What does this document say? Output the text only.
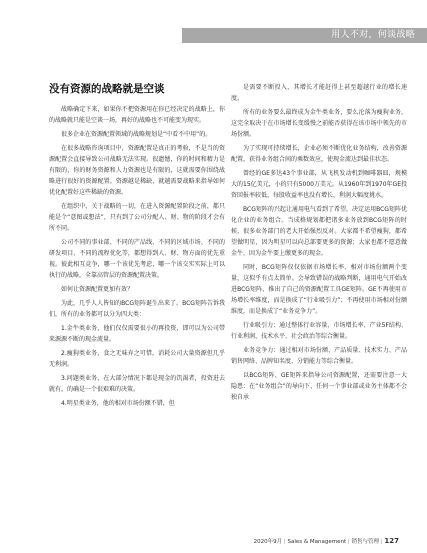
用人不对，何谈战略
没有资源的战略就是空谈

战略确定下来，如果你不把资源用在你已经决定的战略上，你的战略就只能是空谈一场，再好的战略也不可能变为现实。

很多企业在资源配置领域的战略规划是“中看不中用”的。

在很多战略咨询项目中，资源配置是真正的考验，不是当的资源配置会直接导致公司战略无法实现。很遗憾，你的时间和精力是有限的，你的财务资源和人力资源也是有限的，这就需要你围绕战略进行很好的资源配置。资源越是稀缺，就越需要战略来指导如何优化配置好这些稀缺的资源。

在组织中，关于战略的一切，在进入资源配置阶段之前，都只能是个“意图或想法”，只有到了公司分配人、财、物的阶段才会有所不同。

公司不同的事业部、不同的产品线、不同的区域市场、不同的研发项目、不同的流程优化等，都想得到人、财、物方面的优先重视。彼此相互竞争，哪一个该优先考虑，哪一个该交实实际上可以执行的战略，全靠高管层的资源配置决策。

如何让资源配置更加有效？

为此，几乎人人皆知的BCG矩阵诞生出来了。BCG矩阵告诉我们，所有的业务都可以分为四大类：

1.金牛类业务，他们仅仅需要很小的再投资，即可以为公司带来源源不断的现金流量。

2.瘦狗类业务，食之无味弃之可惜，消耗公司大量资源但几乎无利润。

3.问题类业务，在大部分情况下都是现金的饥渴者，投资进去就有，的确是一个很艰难的决策。

4.明星类业务，他的相对市场份额不错，但

是需要不断投入，其增长才能赶得上甚至超越行业的增长速度。

所有的业务要么最终成为金牛类业务，要么沦落为瘦狗业务，这完全取决于在市场增长变缓慢之前能否获得在该市场中领先的市场份额。

为了实现可持续增长，企业必须不断优化业务结构，改善资源配置，获得业务组合间的乘数效应，使现金流达到最佳状态。

曾经的GE多达43个事业部，从飞机发动机到咖啡器皿，规模大的15亿美元，小的只有5000万美元。从1960年到1970年GE投资回报率较低，每股收益率也没有增长，利润大幅度挑水。

BCG矩阵的兴起让通用电气看到了希望，决定运用BCG矩阵优化企业的业务组合。当成格规划都把诸多业务放到BCG矩阵的时候，很多业务部门的老大开始强烈反对。大家都不希望瘦狗，都希望做明星，因为明星可以向总部要更多的资源；大家也都不愿意做金牛，因为金牛要上缴更多的现金。

同时，BCG矩阵仅仅依据市场增长率、相对市场份额两个变量，这似乎有点太简单。会导致错误的战略判断，通用电气开始改进BCG矩阵，推出了自己的资源配置工具GE矩阵。GE不再使用市场增长率维度，而是换成了“行业吸引力”；不再使用市场相对份额维度，而是换成了“业务竞争力”。

行业吸引力：通过整体行业容量、市场增长率、产业5F结构、行业利润、技术水平、社会政治等综合衡量。

业务竞争力：通过相对市场份额、产品质量、技术实力、产品销售网络、品牌知名度、分销能力等综合衡量。

以BCG矩阵、GE矩阵来指导公司资源配置，还需要注意一大隐患：在“业务组合”的导向下，任何一个事业部或业务主体都不会独自承

2020年9月 | Sales & Management | 销售与管理 | 127
